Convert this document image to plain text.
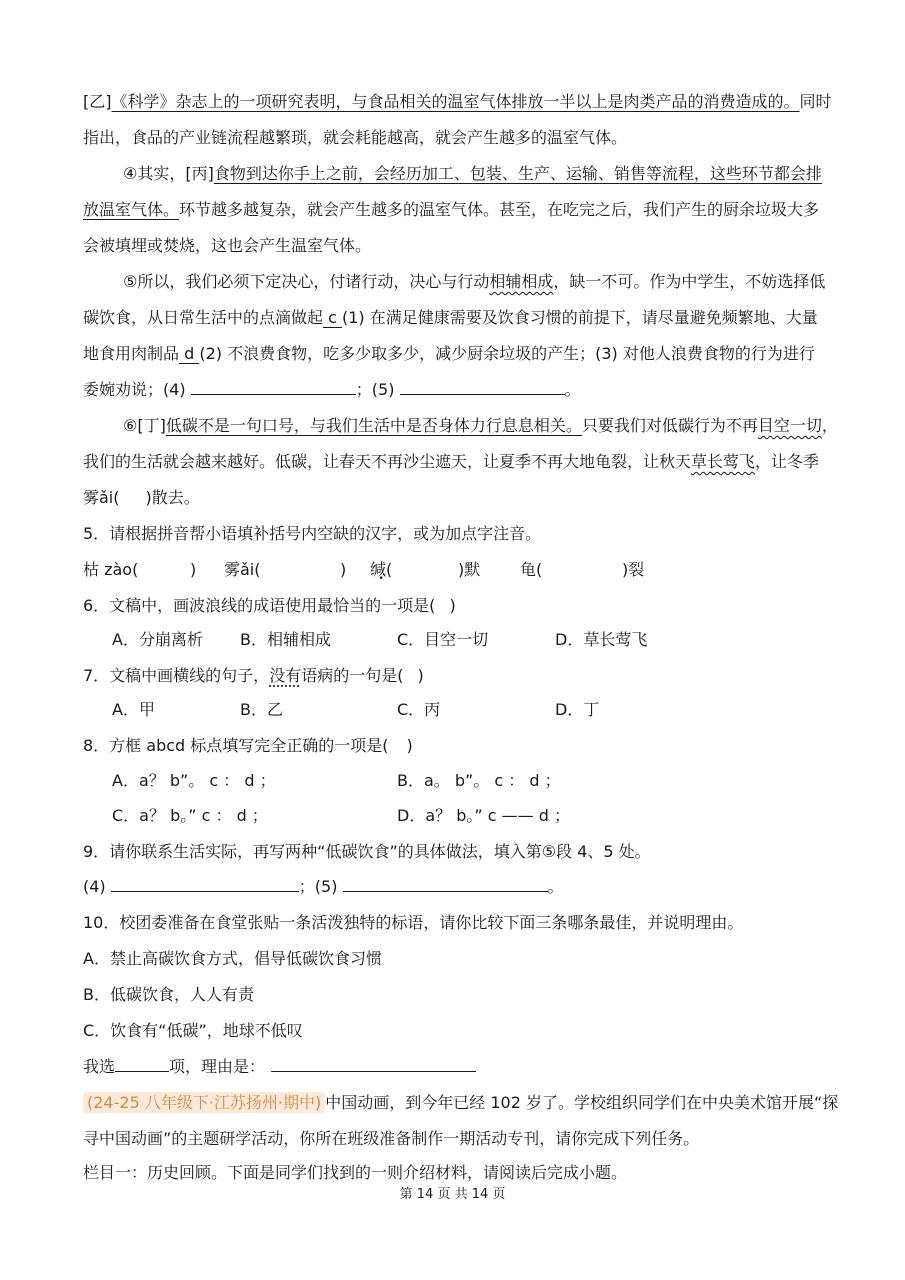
[乙]《科学》杂志上的一项研究表明，与食品相关的温室气体排放一半以上是肉类产品的消费造成的。同时
指出，食品的产业链流程越繁琐，就会耗能越高，就会产生越多的温室气体。
④其实，[丙]食物到达你手上之前，会经历加工、包装、生产、运输、销售等流程，这些环节都会排
放温室气体。环节越多越复杂，就会产生越多的温室气体。甚至，在吃完之后，我们产生的厨余垃圾大多
会被填埋或焚烧，这也会产生温室气体。
⑤所以，我们必须下定决心，付诸行动，决心与行动相辅相成，缺一不可。作为中学生，不妨选择低
碳饮食，从日常生活中的点滴做起 c (1) 在满足健康需要及饮食习惯的前提下，请尽量避免频繁地、大量
地食用肉制品 d (2) 不浪费食物，吃多少取多少，减少厨余垃圾的产生；(3) 对他人浪费食物的行为进行
委婉劝说；(4)	；(5)	。
⑥[丁]低碳不是一句口号，与我们生活中是否身体力行息息相关。只要我们对低碳行为不再目空一切，
我们的生活就会越来越好。低碳，让春天不再沙尘遮天，让夏季不再大地龟裂，让秋天草长莺飞，让冬季
雾ǎi( )散去。
5．请根据拼音帮小语填补括号内空缺的汉字，或为加点字注音。
枯 zào(	) 雾ǎi(	) 缄( •	)默 龟(	)裂
6．文稿中，画波浪线的成语使用最恰当的一项是( )
A．分崩离析 B．相辅相成	C．目空一切	D．草长莺飞
7．文稿中画横线的句子，没有语病的一句是( )
A．甲	B．乙	C．丙	D．丁
8．方框 abcd 标点填写完全正确的一项是( )
A．a？ b”。 c ： d ；	B．a。 b”。 c ： d ；
C．a？ b。” c ： d ；	D．a？ b。” c —— d ；
9．请你联系生活实际，再写两种“低碳饮食”的具体做法，填入第⑤段 4、5 处。
(4)	；(5)	。
10．校团委准备在食堂张贴一条活泼独特的标语，请你比较下面三条哪条最佳，并说明理由。
A．禁止高碳饮食方式，倡导低碳饮食习惯
B．低碳饮食，人人有责
C．饮食有“低碳”，地球不低叹
我选	项，理由是：
(24-25 八年级下·江苏扬州·期中) 中国动画，到今年已经 102 岁了。学校组织同学们在中央美术馆开展“探
寻中国动画”的主题研学活动，你所在班级准备制作一期活动专刊，请你完成下列任务。
栏目一：历史回顾。下面是同学们找到的一则介绍材料，请阅读后完成小题。
第 14 页 共 14 页
